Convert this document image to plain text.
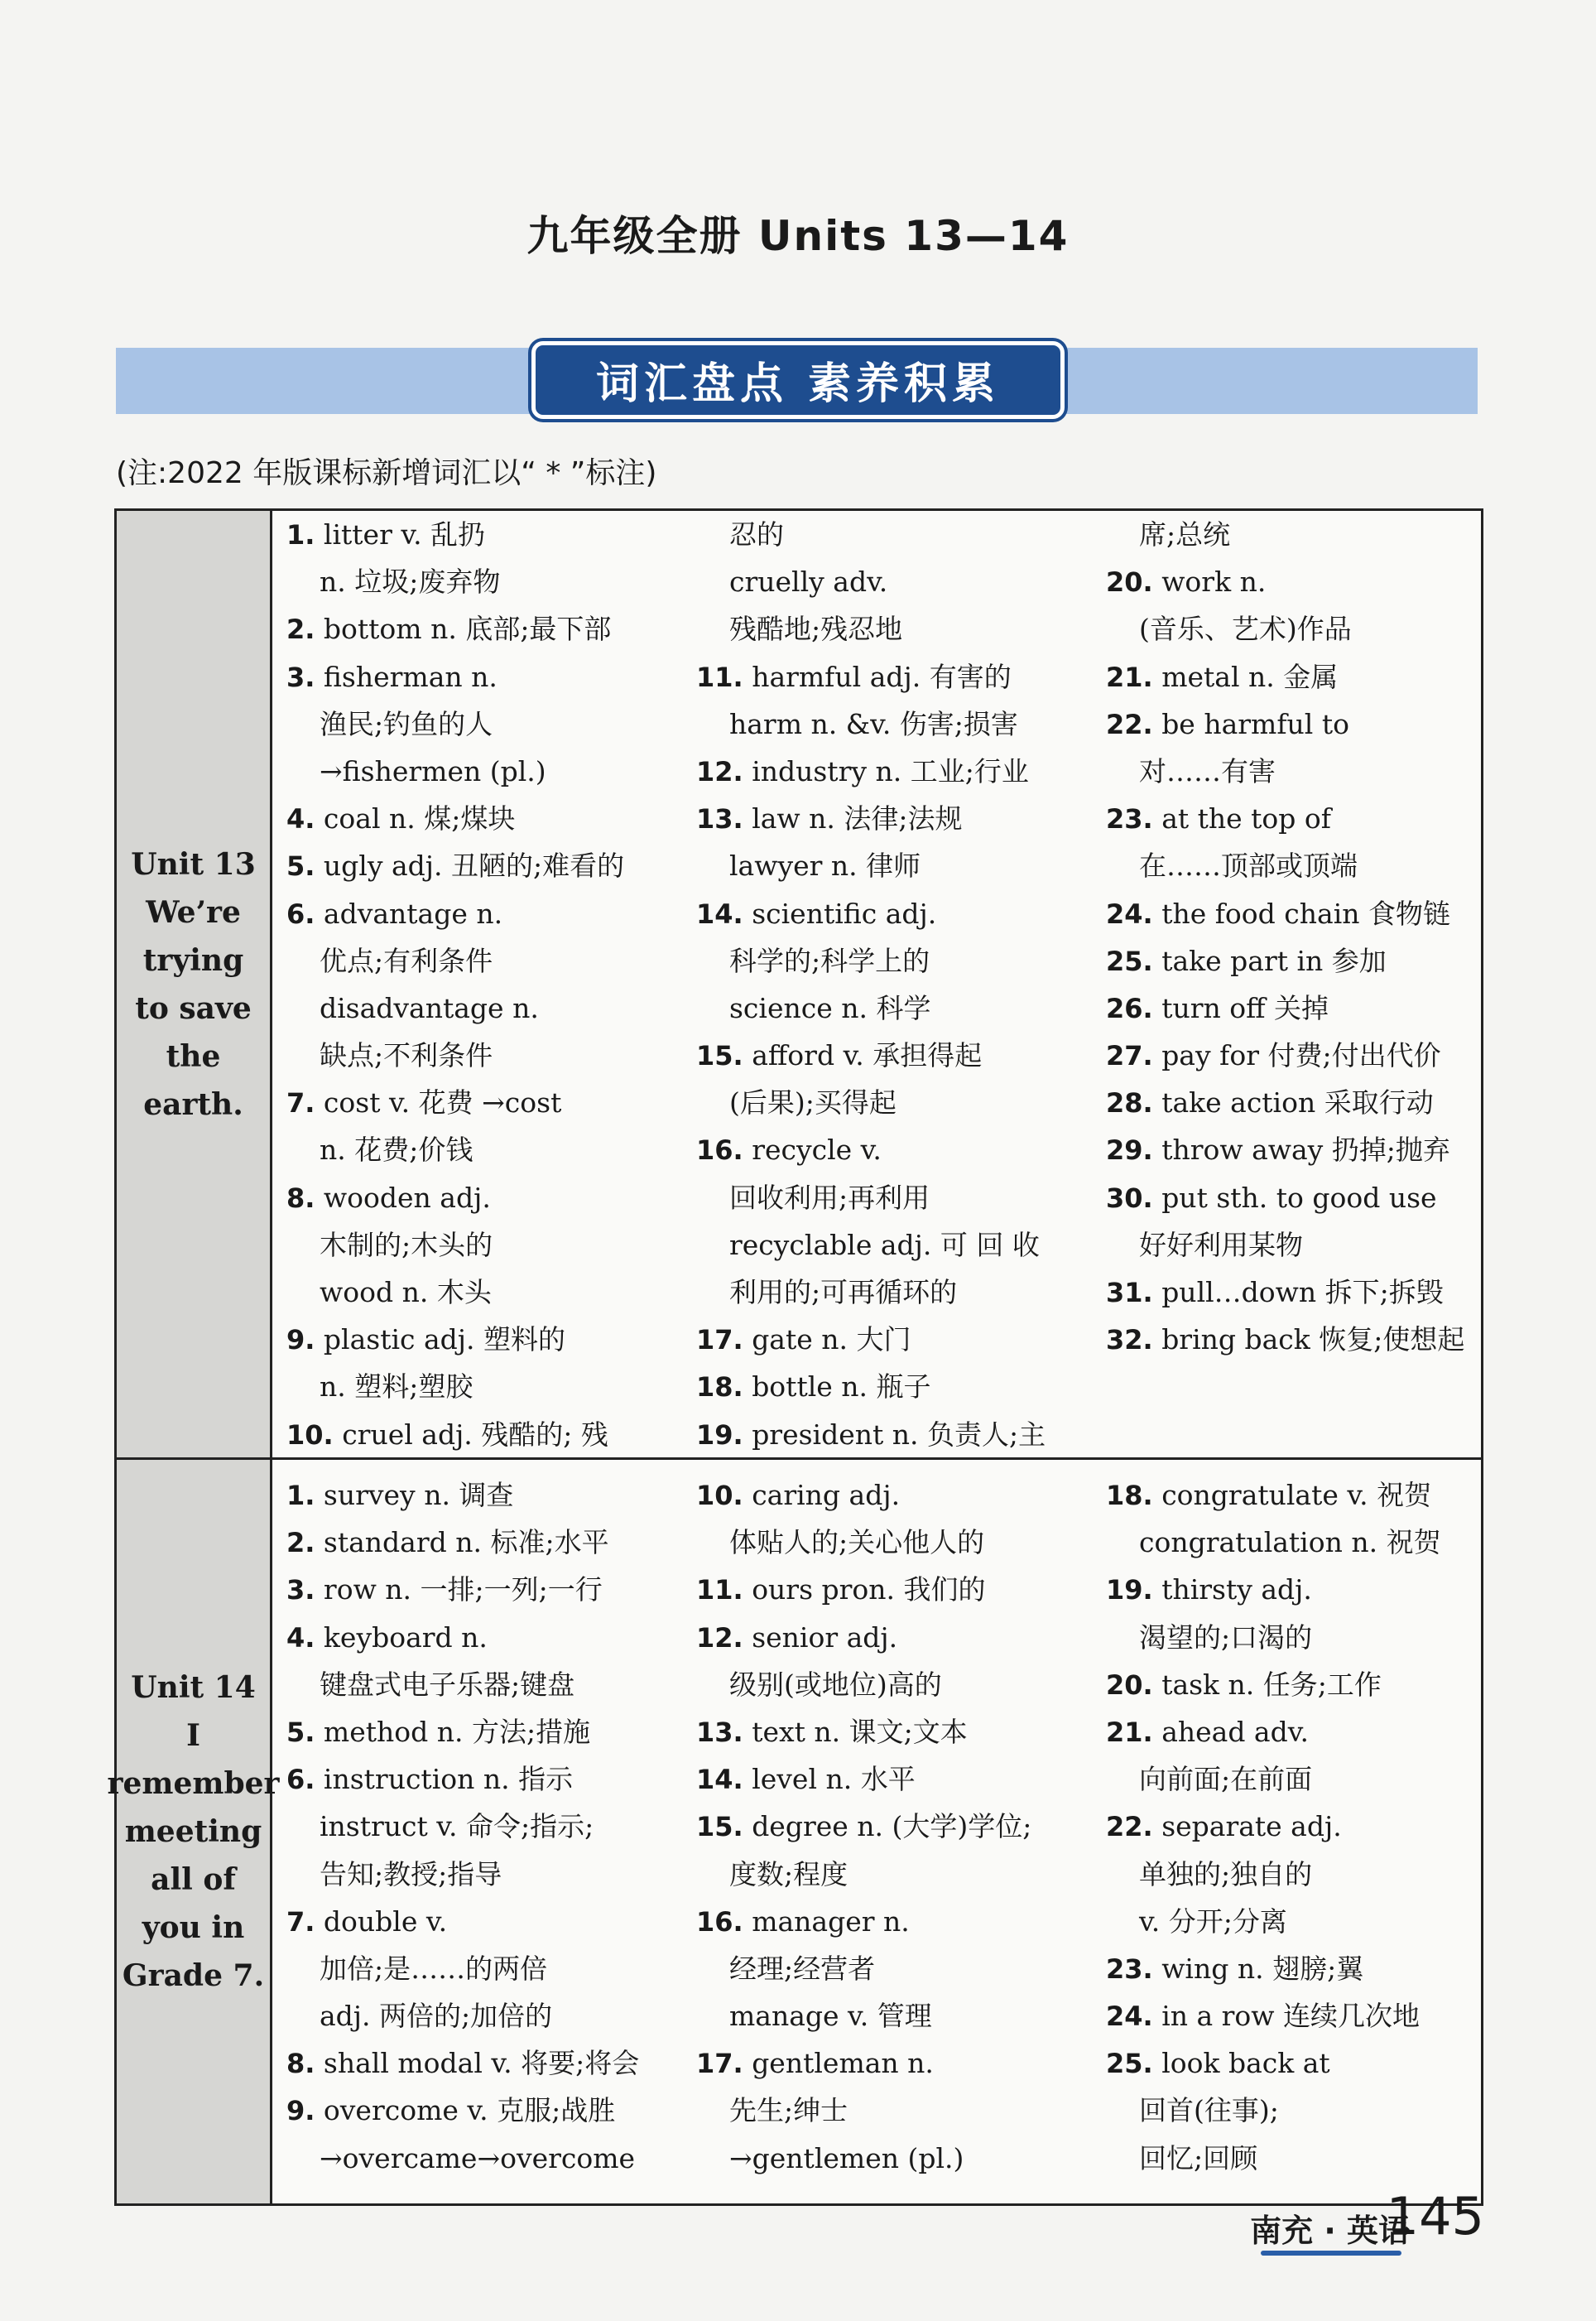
九年级全册 Units 13—14
词汇盘点 素养积累
(注:2022 年版课标新增词汇以“ * ”标注)
Unit 13
We’re
trying
to save
the earth.
1. litter v. 乱扔
n. 垃圾;废弃物
2. bottom n. 底部;最下部
3. fisherman n.
渔民;钓鱼的人
→fishermen (pl.)
4. coal n. 煤;煤块
5. ugly adj. 丑陋的;难看的
6. advantage n.
优点;有利条件
disadvantage n.
缺点;不利条件
7. cost v. 花费 →cost
n. 花费;价钱
8. wooden adj.
木制的;木头的
wood n. 木头
9. plastic adj. 塑料的
n. 塑料;塑胶
10. cruel adj. 残酷的; 残
忍的
cruelly adv.
残酷地;残忍地
11. harmful adj. 有害的
harm n. &v. 伤害;损害
12. industry n. 工业;行业
13. law n. 法律;法规
lawyer n. 律师
14. scientific adj.
科学的;科学上的
science n. 科学
15. afford v. 承担得起
(后果);买得起
16. recycle v.
回收利用;再利用
recyclable adj. 可 回 收
利用的;可再循环的
17. gate n. 大门
18. bottle n. 瓶子
19. president n. 负责人;主
席;总统
20. work n.
(音乐、艺术)作品
21. metal n. 金属
22. be harmful to
对……有害
23. at the top of
在……顶部或顶端
24. the food chain 食物链
25. take part in 参加
26. turn off 关掉
27. pay for 付费;付出代价
28. take action 采取行动
29. throw away 扔掉;抛弃
30. put sth. to good use
好好利用某物
31. pull…down 拆下;拆毁
32. bring back 恢复;使想起
Unit 14
I
remember
meeting
all of
you in
Grade 7.
1. survey n. 调查
2. standard n. 标准;水平
3. row n. 一排;一列;一行
4. keyboard n.
键盘式电子乐器;键盘
5. method n. 方法;措施
6. instruction n. 指示
instruct v. 命令;指示;
告知;教授;指导
7. double v.
加倍;是……的两倍
adj. 两倍的;加倍的
8. shall modal v. 将要;将会
9. overcome v. 克服;战胜
→overcame→overcome
10. caring adj.
体贴人的;关心他人的
11. ours pron. 我们的
12. senior adj.
级别(或地位)高的
13. text n. 课文;文本
14. level n. 水平
15. degree n. (大学)学位;
度数;程度
16. manager n.
经理;经营者
manage v. 管理
17. gentleman n.
先生;绅士
→gentlemen (pl.)
18. congratulate v. 祝贺
congratulation n. 祝贺
19. thirsty adj.
渴望的;口渴的
20. task n. 任务;工作
21. ahead adv.
向前面;在前面
22. separate adj.
单独的;独自的
v. 分开;分离
23. wing n. 翅膀;翼
24. in a row 连续几次地
25. look back at
回首(往事);
回忆;回顾
南充 · 英语
145
